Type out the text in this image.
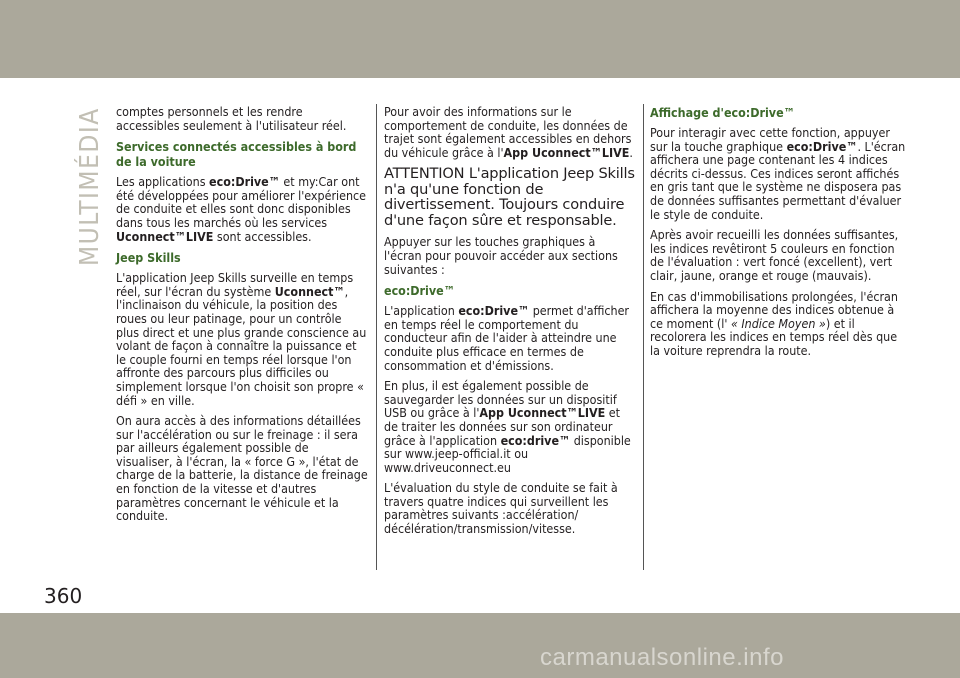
MULTIMÉDIA comptes personnels et les rendre accessibles seulement à l'utilisateur réel.

Services connectés accessibles à bord de la voiture

Les applications eco:Drive™ et my:Car ont été développées pour améliorer l'expérience de conduite et elles sont donc disponibles dans tous les marchés où les services Uconnect™LIVE sont accessibles.

Jeep Skills

L'application Jeep Skills surveille en temps réel, sur l'écran du système Uconnect™, l'inclinaison du véhicule, la position des roues ou leur patinage, pour un contrôle plus direct et une plus grande conscience au volant de façon à connaître la puissance et le couple fourni en temps réel lorsque l'on affronte des parcours plus difficiles ou simplement lorsque l'on choisit son propre « défi » en ville.

On aura accès à des informations détaillées sur l'accélération ou sur le freinage : il sera par ailleurs également possible de visualiser, à l'écran, la « force G », l'état de charge de la batterie, la distance de freinage en fonction de la vitesse et d'autres paramètres concernant le véhicule et la conduite.

Pour avoir des informations sur le comportement de conduite, les données de trajet sont également accessibles en dehors du véhicule grâce à l'App Uconnect™LIVE.

ATTENTION L'application Jeep Skills n'a qu'une fonction de divertissement. Toujours conduire d'une façon sûre et responsable.

Appuyer sur les touches graphiques à l'écran pour pouvoir accéder aux sections suivantes :

eco:Drive™

L'application eco:Drive™ permet d'afficher en temps réel le comportement du conducteur afin de l'aider à atteindre une conduite plus efficace en termes de consommation et d'émissions.

En plus, il est également possible de sauvegarder les données sur un dispositif USB ou grâce à l'App Uconnect™LIVE et de traiter les données sur son ordinateur grâce à l'application eco:drive™ disponible sur www.jeep-official.it ou www.driveuconnect.eu

L'évaluation du style de conduite se fait à travers quatre indices qui surveillent les paramètres suivants :accélération/ décélération/transmission/vitesse.

Affichage d'eco:Drive™

Pour interagir avec cette fonction, appuyer sur la touche graphique eco:Drive™. L'écran affichera une page contenant les 4 indices décrits ci-dessus. Ces indices seront affichés en gris tant que le système ne disposera pas de données suffisantes permettant d'évaluer le style de conduite.

Après avoir recueilli les données suffisantes, les indices revêtiront 5 couleurs en fonction de l'évaluation : vert foncé (excellent), vert clair, jaune, orange et rouge (mauvais).

En cas d'immobilisations prolongées, l'écran affichera la moyenne des indices obtenue à ce moment (l' « Indice Moyen ») et il recolorera les indices en temps réel dès que la voiture reprendra la route.

360
carmanualsonline.info
